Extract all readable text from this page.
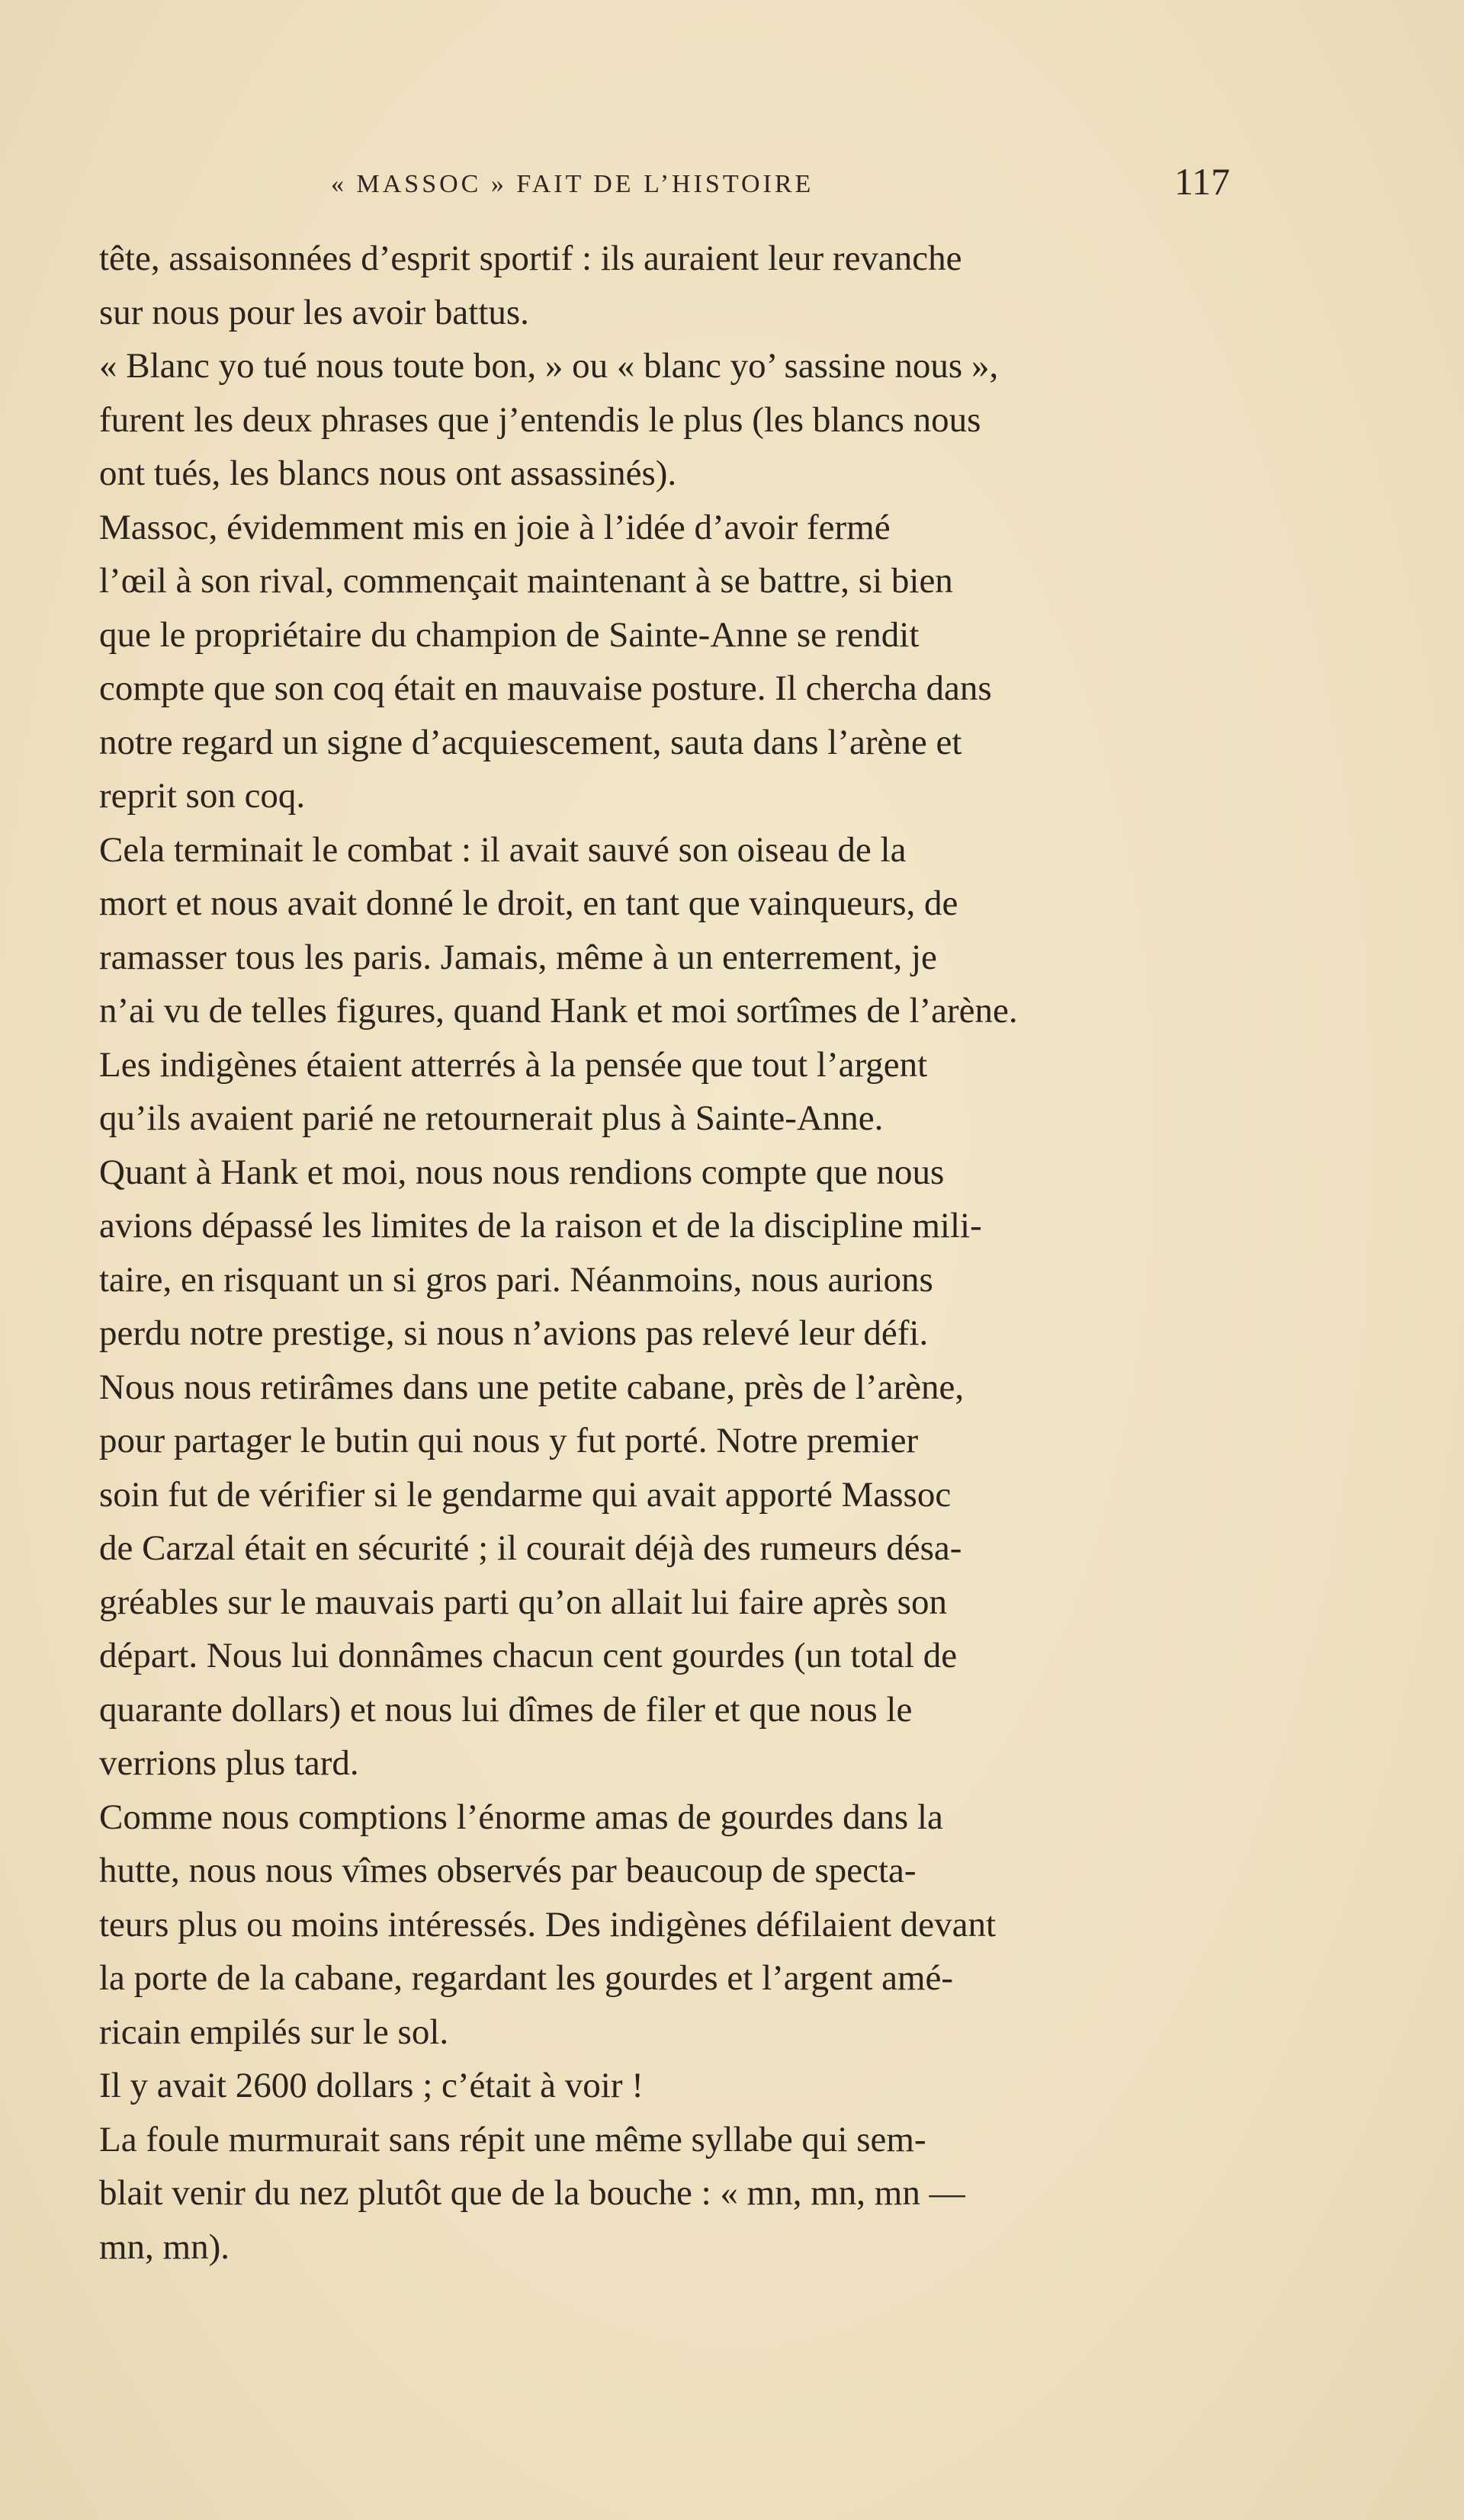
« MASSOC » FAIT DE L’HISTOIRE	117
tête, assaisonnées d’esprit sportif : ils auraient leur revanche
sur nous pour les avoir battus.
« Blanc yo tué nous toute bon, » ou « blanc yo’ sassine nous »,
furent les deux phrases que j’entendis le plus (les blancs nous
ont tués, les blancs nous ont assassinés).
Massoc, évidemment mis en joie à l’idée d’avoir fermé
l’œil à son rival, commençait maintenant à se battre, si bien
que le propriétaire du champion de Sainte-Anne se rendit
compte que son coq était en mauvaise posture. Il chercha dans
notre regard un signe d’acquiescement, sauta dans l’arène et
reprit son coq.
Cela terminait le combat : il avait sauvé son oiseau de la
mort et nous avait donné le droit, en tant que vainqueurs, de
ramasser tous les paris. Jamais, même à un enterrement, je
n’ai vu de telles figures, quand Hank et moi sortîmes de l’arène.
Les indigènes étaient atterrés à la pensée que tout l’argent
qu’ils avaient parié ne retournerait plus à Sainte-Anne.
Quant à Hank et moi, nous nous rendions compte que nous
avions dépassé les limites de la raison et de la discipline mili-
taire, en risquant un si gros pari. Néanmoins, nous aurions
perdu notre prestige, si nous n’avions pas relevé leur défi.
Nous nous retirâmes dans une petite cabane, près de l’arène,
pour partager le butin qui nous y fut porté. Notre premier
soin fut de vérifier si le gendarme qui avait apporté Massoc
de Carzal était en sécurité ; il courait déjà des rumeurs désa-
gréables sur le mauvais parti qu’on allait lui faire après son
départ. Nous lui donnâmes chacun cent gourdes (un total de
quarante dollars) et nous lui dîmes de filer et que nous le
verrions plus tard.
Comme nous comptions l’énorme amas de gourdes dans la
hutte, nous nous vîmes observés par beaucoup de specta-
teurs plus ou moins intéressés. Des indigènes défilaient devant
la porte de la cabane, regardant les gourdes et l’argent amé-
ricain empilés sur le sol.
Il y avait 2600 dollars ; c’était à voir !
La foule murmurait sans répit une même syllabe qui sem-
blait venir du nez plutôt que de la bouche : « mn, mn, mn —
mn, mn).
